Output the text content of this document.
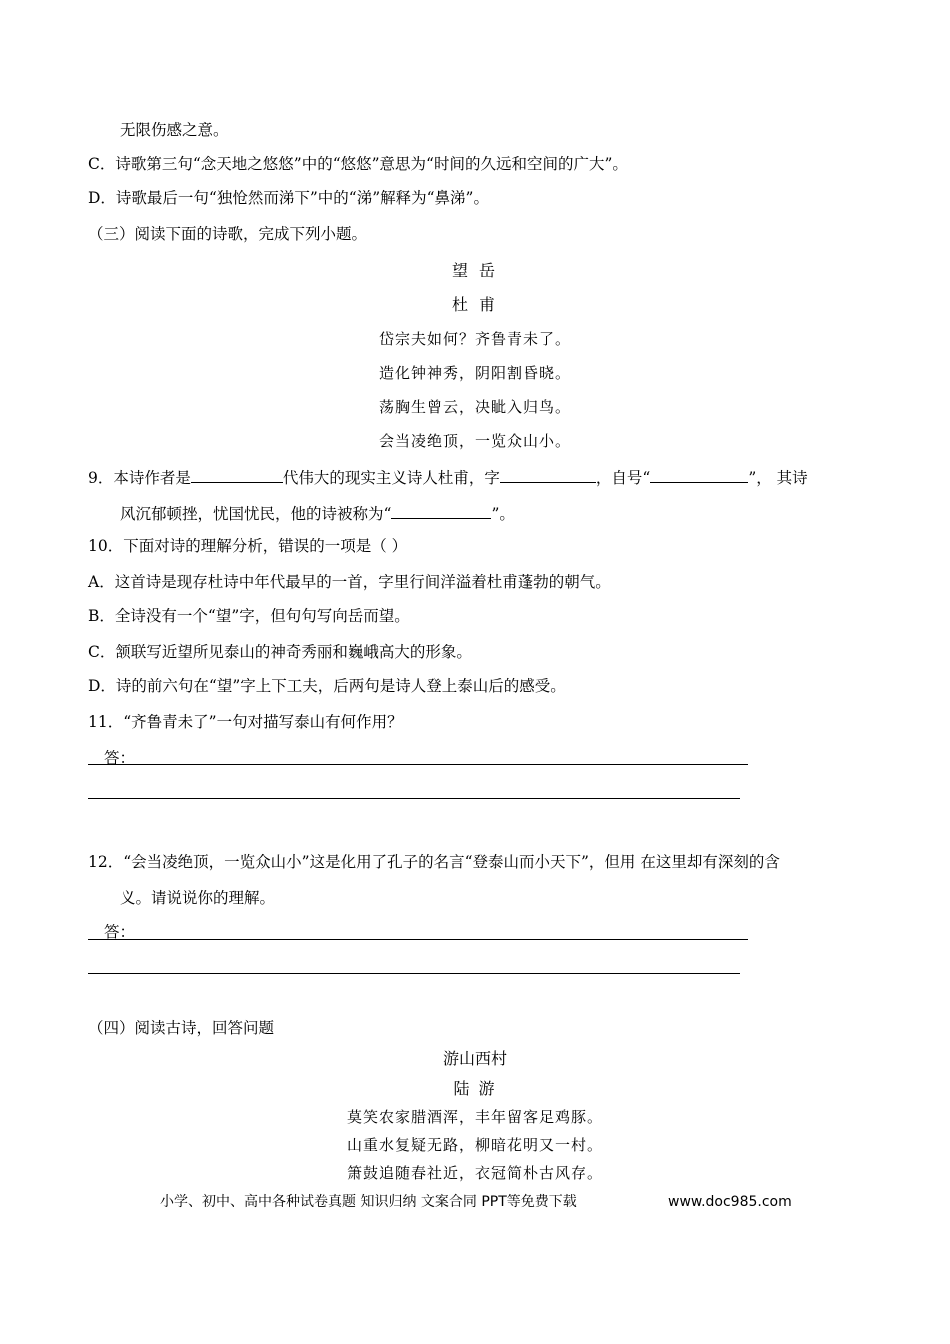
无限伤感之意。
C．诗歌第三句“念天地之悠悠”中的“悠悠”意思为“时间的久远和空间的广大”。
D．诗歌最后一句“独怆然而涕下”中的“涕”解释为“鼻涕”。
（三）阅读下面的诗歌，完成下列小题。
望 岳
杜 甫
岱宗夫如何？齐鲁青未了。
造化钟神秀，阴阳割昏晓。
荡胸生曾云，决眦入归鸟。
会当凌绝顶，一览众山小。
9．本诗作者是	代伟大的现实主义诗人杜甫，字	，自号“	”， 其诗
风沉郁顿挫，忧国忧民，他的诗被称为“	”。
10．下面对诗的理解分析，错误的一项是（ ）
A．这首诗是现存杜诗中年代最早的一首，字里行间洋溢着杜甫蓬勃的朝气。
B．全诗没有一个“望”字，但句句写向岳而望。
C．颔联写近望所见泰山的神奇秀丽和巍峨高大的形象。
D．诗的前六句在“望”字上下工夫，后两句是诗人登上泰山后的感受。
11．“齐鲁青未了”一句对描写泰山有何作用？
答：
12．“会当凌绝顶，一览众山小”这是化用了孔子的名言“登泰山而小天下”，但用 在这里却有深刻的含
义。请说说你的理解。
答：
（四）阅读古诗，回答问题
游山西村
陆 游
莫笑农家腊酒浑，丰年留客足鸡豚。
山重水复疑无路，柳暗花明又一村。
箫鼓追随春社近，衣冠简朴古风存。
小学、初中、高中各种试卷真题 知识归纳 文案合同 PPT等免费下载	www.doc985.com
